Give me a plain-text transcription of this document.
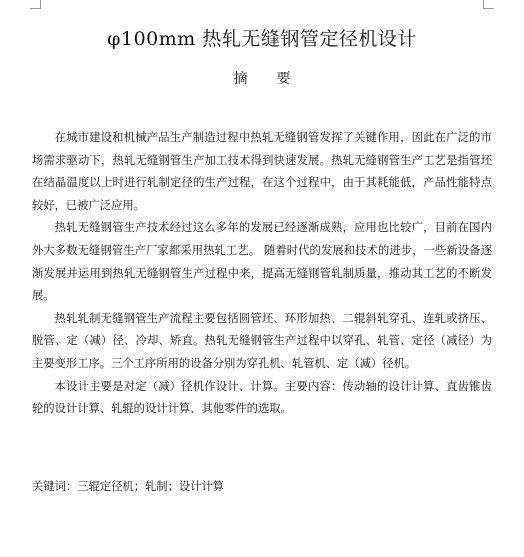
φ100mm 热轧无缝钢管定径机设计
摘 要

在城市建设和机械产品生产制造过程中热轧无缝钢管发挥了关键作用，因此在广泛的市场需求驱动下，热轧无缝钢管生产加工技术得到快速发展。热轧无缝钢管生产工艺是指管坯在结晶温度以上时进行轧制定径的生产过程，在这个过程中，由于其耗能低，产品性能特点较好，已被广泛应用。

热轧无缝钢管生产技术经过这么多年的发展已经逐渐成熟，应用也比较广，目前在国内外大多数无缝钢管生产厂家都采用热轧工艺。 随着时代的发展和技术的进步，一些新设备逐渐发展并运用到热轧无缝钢管生产过程中来，提高无缝钢管轧制质量，推动其工艺的不断发展。

热轧轧制无缝钢管生产流程主要包括圆管坯、环形加热、二辊斜轧穿孔、连轧或挤压、脱管、定（减）径、冷却、矫直。热轧无缝钢管生产过程中以穿孔、轧管、定径（减径）为主要变形工序。三个工序所用的设备分别为穿孔机、轧管机、定（减）径机。

本设计主要是对定（减）径机作设计、计算。主要内容：传动轴的设计计算、直齿锥齿轮的设计计算、轧辊的设计计算、其他零件的选取。

关键词：三辊定径机；轧制；设计计算
